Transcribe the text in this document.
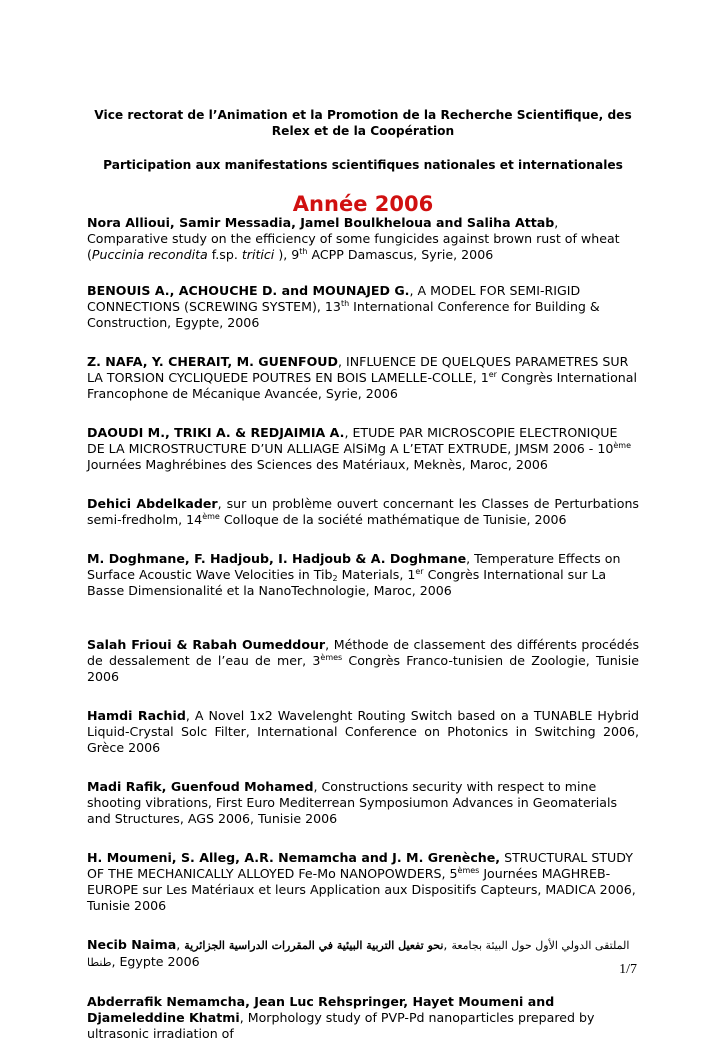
Vice rectorat de l’Animation et la Promotion de la Recherche Scientifique, des
Relex et de la Coopération

Participation aux manifestations scientifiques nationales et internationales

Année 2006

Nora Allioui, Samir Messadia, Jamel Boulkheloua and Saliha Attab, Comparative study on the efficiency of some fungicides against brown rust of wheat (Puccinia recondita f.sp. tritici ), 9th ACPP Damascus, Syrie, 2006

BENOUIS A., ACHOUCHE D. and MOUNAJED G., A MODEL FOR SEMI-RIGID CONNECTIONS (SCREWING SYSTEM), 13th International Conference for Building & Construction, Egypte, 2006

Z. NAFA, Y. CHERAIT, M. GUENFOUD, INFLUENCE DE QUELQUES PARAMETRES SUR LA TORSION CYCLIQUEDE POUTRES EN BOIS LAMELLE-COLLE, 1er Congrès International Francophone de Mécanique Avancée, Syrie, 2006

DAOUDI M., TRIKI A. & REDJAIMIA A., ETUDE PAR MICROSCOPIE ELECTRONIQUE DE LA MICROSTRUCTURE D’UN ALLIAGE AlSiMg A L’ETAT EXTRUDE, JMSM 2006 - 10ème Journées Maghrébines des Sciences des Matériaux, Meknès, Maroc, 2006

Dehici Abdelkader, sur un problème ouvert concernant les Classes de Perturbations semi-fredholm, 14ème Colloque de la société mathématique de Tunisie, 2006

M. Doghmane, F. Hadjoub, I. Hadjoub & A. Doghmane, Temperature Effects on Surface Acoustic Wave Velocities in Tib$_2$ Materials, 1er Congrès International sur La Basse Dimensionalité et la NanoTechnologie, Maroc, 2006

Salah Frioui & Rabah Oumeddour, Méthode de classement des différents procédés de dessalement de l’eau de mer, 3èmes Congrès Franco-tunisien de Zoologie, Tunisie 2006

Hamdi Rachid, A Novel 1x2 Wavelenght Routing Switch based on a TUNABLE Hybrid Liquid-Crystal Solc Filter, International Conference on Photonics in Switching 2006, Grèce 2006

Madi Rafik, Guenfoud Mohamed, Constructions security with respect to mine shooting vibrations, First Euro Mediterrean Symposiumon Advances in Geomaterials and Structures, AGS 2006, Tunisie 2006

H. Moumeni, S. Alleg, A.R. Nemamcha and J. M. Grenèche, STRUCTURAL STUDY OF THE MECHANICALLY ALLOYED Fe-Mo NANOPOWDERS, 5èmes Journées MAGHREB-EUROPE sur Les Matériaux et leurs Application aux Dispositifs Capteurs, MADICA 2006, Tunisie 2006

Necib Naima, نحو تفعيل التربية البيئية في المقررات الدراسية الجزائرية, الملتقى الدولي الأول حول البيئة بجامعة طنطا, Egypte 2006

Abderrafik Nemamcha, Jean Luc Rehspringer, Hayet Moumeni and Djameleddine Khatmi, Morphology study of PVP-Pd nanoparticles prepared by ultrasonic irradiation of

1/7
